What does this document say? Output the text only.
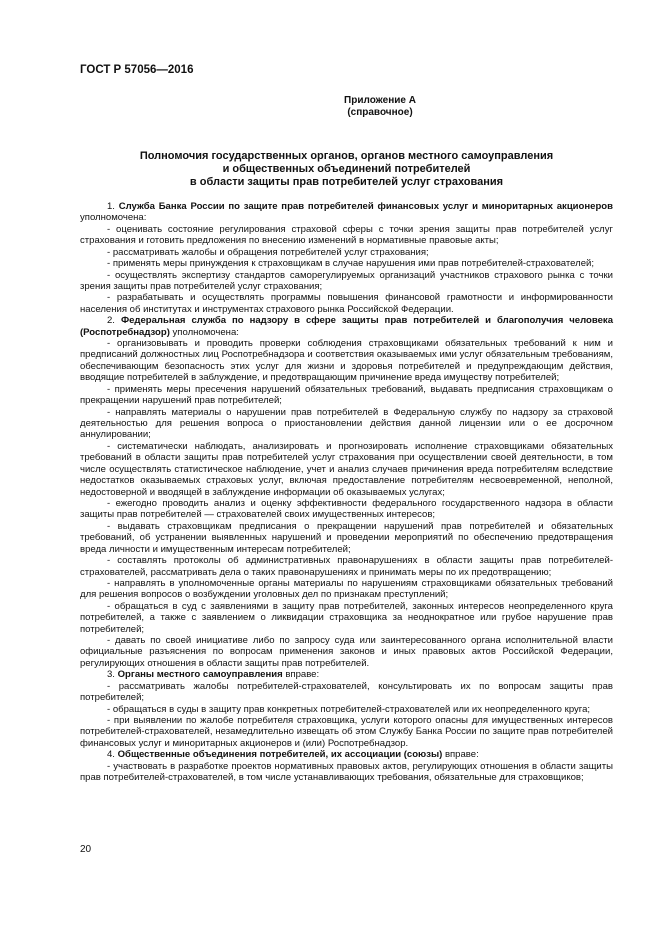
ГОСТ Р 57056—2016
Приложение А
(справочное)
Полномочия государственных органов, органов местного самоуправления
и общественных объединений потребителей
в области защиты прав потребителей услуг страхования

1. Служба Банка России по защите прав потребителей финансовых услуг и миноритарных акционеров уполномочена:

- оценивать состояние регулирования страховой сферы с точки зрения защиты прав потребителей услуг страхования и готовить предложения по внесению изменений в нормативные правовые акты;

- рассматривать жалобы и обращения потребителей услуг страхования;

- применять меры принуждения к страховщикам в случае нарушения ими прав потребителей-страхователей;

- осуществлять экспертизу стандартов саморегулируемых организаций участников страхового рынка с точки зрения защиты прав потребителей услуг страхования;

- разрабатывать и осуществлять программы повышения финансовой грамотности и информированности населения об институтах и инструментах страхового рынка Российской Федерации.

2. Федеральная служба по надзору в сфере защиты прав потребителей и благополучия человека (Роспотребнадзор) уполномочена:

- организовывать и проводить проверки соблюдения страховщиками обязательных требований к ним и предписаний должностных лиц Роспотребнадзора и соответствия оказываемых ими услуг обязательным требованиям, обеспечивающим безопасность этих услуг для жизни и здоровья потребителей и предупреждающим действия, вводящие потребителей в заблуждение, и предотвращающим причинение вреда имуществу потребителей;

- применять меры пресечения нарушений обязательных требований, выдавать предписания страховщикам о прекращении нарушений прав потребителей;

- направлять материалы о нарушении прав потребителей в Федеральную службу по надзору за страховой деятельностью для решения вопроса о приостановлении действия данной лицензии или о ее досрочном аннулировании;

- систематически наблюдать, анализировать и прогнозировать исполнение страховщиками обязательных требований в области защиты прав потребителей услуг страхования при осуществлении своей деятельности, в том числе осуществлять статистическое наблюдение, учет и анализ случаев причинения вреда потребителям вследствие недостатков оказываемых страховых услуг, включая предоставление потребителям несвоевременной, неполной, недостоверной и вводящей в заблуждение информации об оказываемых услугах;

- ежегодно проводить анализ и оценку эффективности федерального государственного надзора в области защиты прав потребителей — страхователей своих имущественных интересов;

- выдавать страховщикам предписания о прекращении нарушений прав потребителей и обязательных требований, об устранении выявленных нарушений и проведении мероприятий по обеспечению предотвращения вреда личности и имущественным интересам потребителей;

- составлять протоколы об административных правонарушениях в области защиты прав потребителей-страхователей, рассматривать дела о таких правонарушениях и принимать меры по их предотвращению;

- направлять в уполномоченные органы материалы по нарушениям страховщиками обязательных требований для решения вопросов о возбуждении уголовных дел по признакам преступлений;

- обращаться в суд с заявлениями в защиту прав потребителей, законных интересов неопределенного круга потребителей, а также с заявлением о ликвидации страховщика за неоднократное или грубое нарушение прав потребителей;

- давать по своей инициативе либо по запросу суда или заинтересованного органа исполнительной власти официальные разъяснения по вопросам применения законов и иных правовых актов Российской Федерации, регулирующих отношения в области защиты прав потребителей.

3. Органы местного самоуправления вправе:

- рассматривать жалобы потребителей-страхователей, консультировать их по вопросам защиты прав потребителей;

- обращаться в суды в защиту прав конкретных потребителей-страхователей или их неопределенного круга;

- при выявлении по жалобе потребителя страховщика, услуги которого опасны для имущественных интересов потребителей-страхователей, незамедлительно извещать об этом Службу Банка России по защите прав потребителей финансовых услуг и миноритарных акционеров и (или) Роспотребнадзор.

4. Общественные объединения потребителей, их ассоциации (союзы) вправе:

- участвовать в разработке проектов нормативных правовых актов, регулирующих отношения в области защиты прав потребителей-страхователей, в том числе устанавливающих требования, обязательные для страховщиков;

20
